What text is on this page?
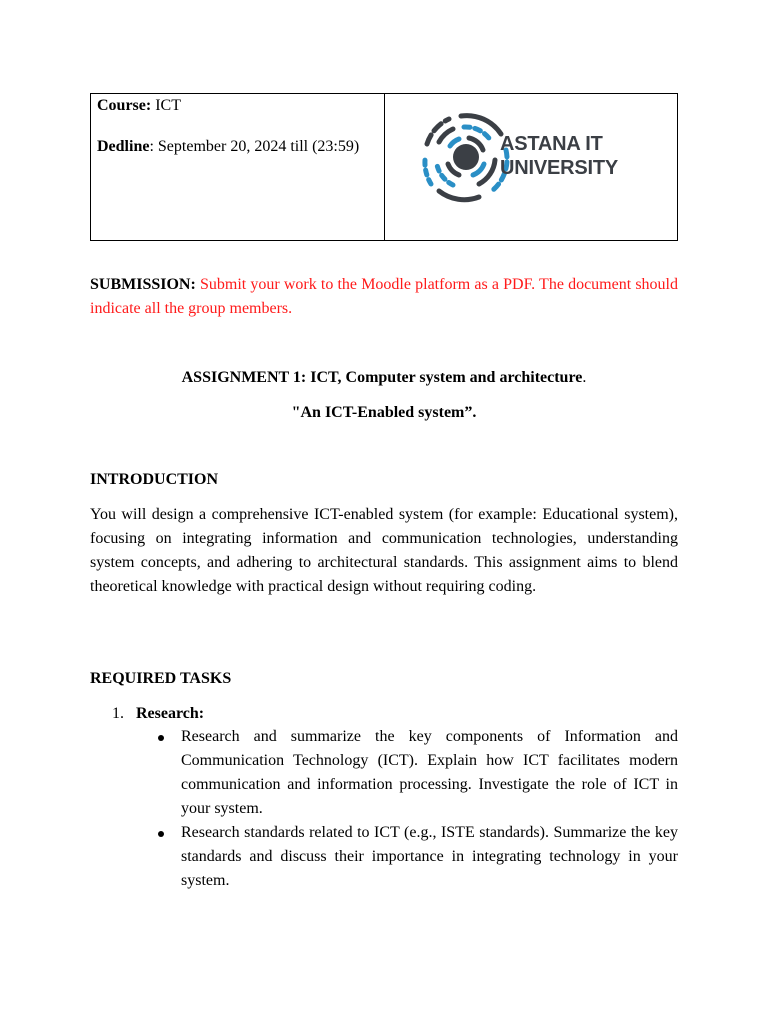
Course: ICT

Dedline: September 20, 2024 till (23:59)	ASTANA IT
UNIVERSITY
SUBMISSION: Submit your work to the Moodle platform as a PDF. The document should indicate all the group members.
ASSIGNMENT 1: ICT, Computer system and architecture.
"An ICT-Enabled system”.
INTRODUCTION
You will design a comprehensive ICT-enabled system (for example: Educational system), focusing on integrating information and communication technologies, understanding system concepts, and adhering to architectural standards. This assignment aims to blend theoretical knowledge with practical design without requiring coding.
REQUIRED TASKS
1. Research:
Research and summarize the key components of Information and Communication Technology (ICT). Explain how ICT facilitates modern communication and information processing. Investigate the role of ICT in your system.
Research standards related to ICT (e.g., ISTE standards). Summarize the key standards and discuss their importance in integrating technology in your system.
